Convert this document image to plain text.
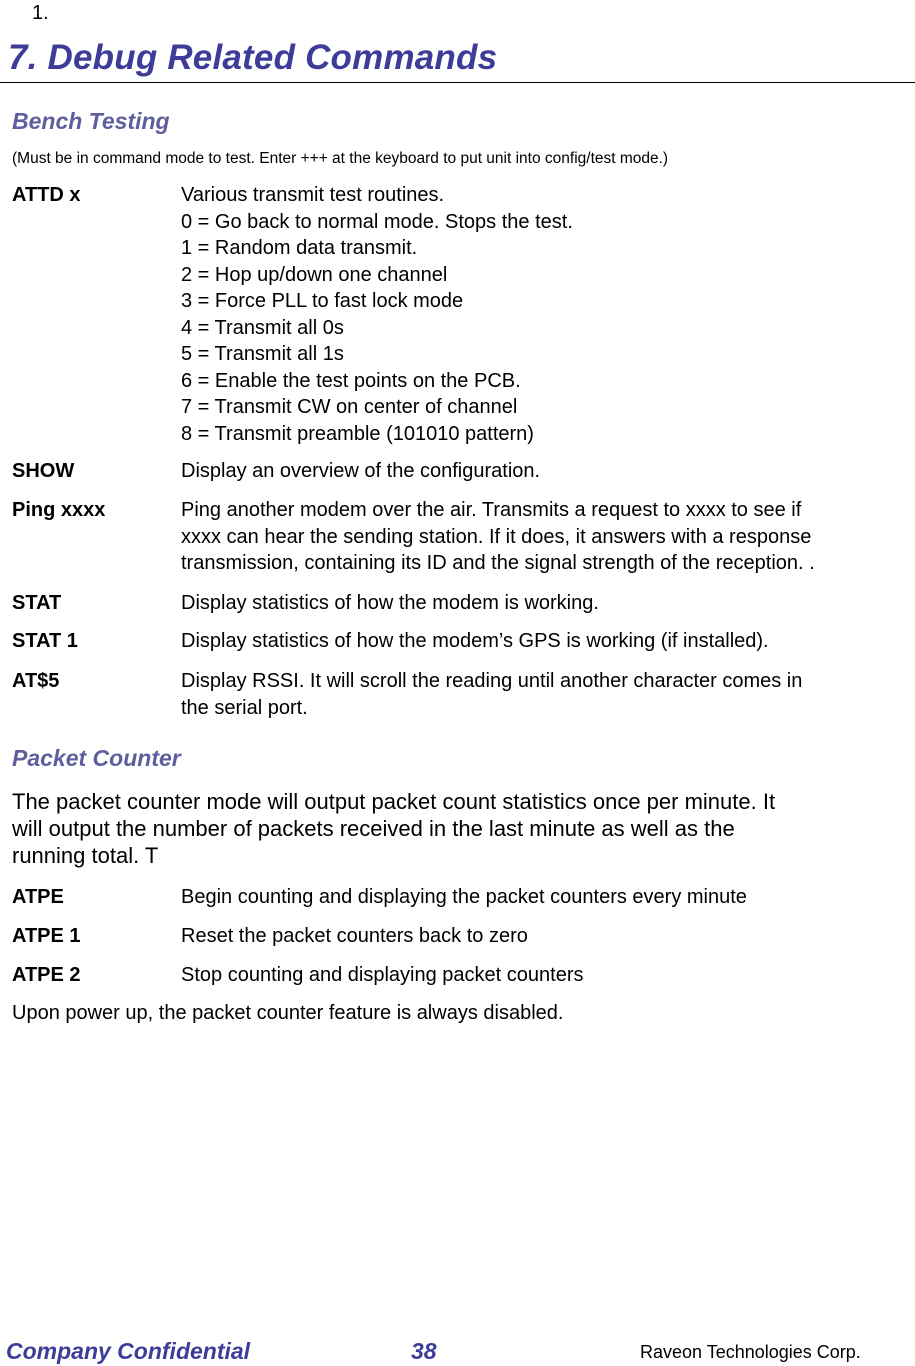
1.
7. Debug Related Commands
Bench Testing
(Must be in command mode to test. Enter +++ at the keyboard to put unit into config/test mode.)
ATTD x	Various transmit test routines.
0 = Go back to normal mode. Stops the test.
1 = Random data transmit.
2 = Hop up/down one channel
3 = Force PLL to fast lock mode
4 = Transmit all 0s
5 = Transmit all 1s
6 = Enable the test points on the PCB.
7 = Transmit CW on center of channel
8 = Transmit preamble (101010 pattern)
SHOW	Display an overview of the configuration.
Ping xxxx	Ping another modem over the air. Transmits a request to xxxx to see if
xxxx can hear the sending station. If it does, it answers with a response
transmission, containing its ID and the signal strength of the reception. .
STAT	Display statistics of how the modem is working.
STAT 1	Display statistics of how the modem’s GPS is working (if installed).
AT$5	Display RSSI. It will scroll the reading until another character comes in
the serial port.
Packet Counter
The packet counter mode will output packet count statistics once per minute. It
will output the number of packets received in the last minute as well as the
running total. T
ATPE	Begin counting and displaying the packet counters every minute
ATPE 1	Reset the packet counters back to zero
ATPE 2	Stop counting and displaying packet counters
Upon power up, the packet counter feature is always disabled.
Company Confidential	38	Raveon Technologies Corp.
